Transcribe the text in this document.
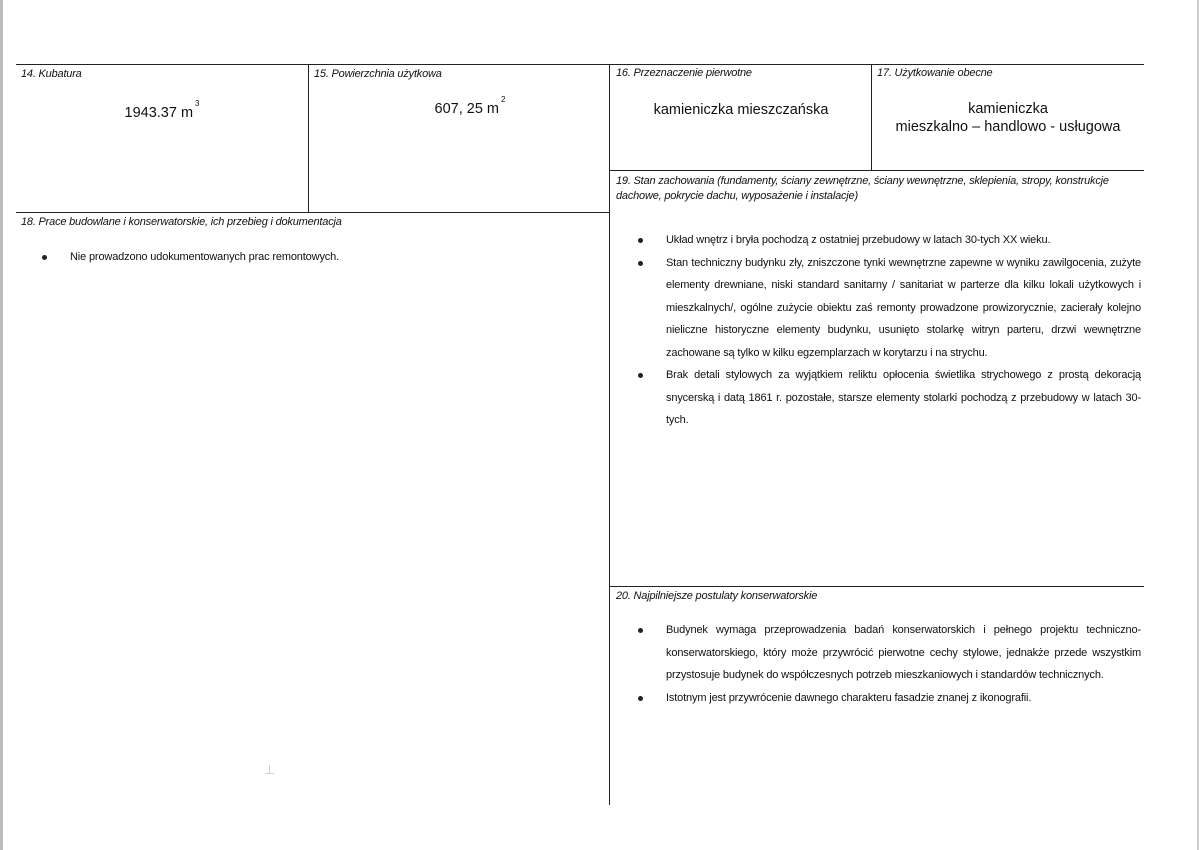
14. Kubatura
1943.37 $m^3$
15. Powierzchnia użytkowa
607, 25 $m^2$
16. Przeznaczenie pierwotne
kamieniczka mieszczańska
17. Użytkowanie obecne
kamieniczka
mieszkalno – handlowo - usługowa
18. Prace budowlane i konserwatorskie, ich przebieg i dokumentacja
Nie prowadzono udokumentowanych prac remontowych.
19. Stan zachowania (fundamenty, ściany zewnętrzne, ściany wewnętrzne, sklepienia, stropy, konstrukcje dachowe, pokrycie dachu, wyposażenie i instalacje)
Układ wnętrz i bryła pochodzą z ostatniej przebudowy w latach 30-tych XX wieku.
Stan techniczny budynku zły, zniszczone tynki wewnętrzne zapewne w wyniku zawilgocenia, zużyte elementy drewniane, niski standard sanitarny / sanitariat w parterze dla kilku lokali użytkowych i mieszkalnych/, ogólne zużycie obiektu zaś remonty prowadzone prowizorycznie, zacierały kolejno nieliczne historyczne elementy budynku, usunięto stolarkę witryn parteru, drzwi wewnętrzne zachowane są tylko w kilku egzemplarzach w korytarzu i na strychu.
Brak detali stylowych za wyjątkiem reliktu opłocenia świetlika strychowego z prostą dekoracją snycerską i datą 1861 r. pozostałe, starsze elementy stolarki pochodzą z przebudowy w latach 30-tych.
20. Najpilniejsze postulaty konserwatorskie
Budynek wymaga przeprowadzenia badań konserwatorskich i pełnego projektu techniczno-konserwatorskiego, który może przywrócić pierwotne cechy stylowe, jednakże przede wszystkim przystosuje budynek do współczesnych potrzeb mieszkaniowych i standardów technicznych.
Istotnym jest przywrócenie dawnego charakteru fasadzie znanej z ikonografii.
⊥
